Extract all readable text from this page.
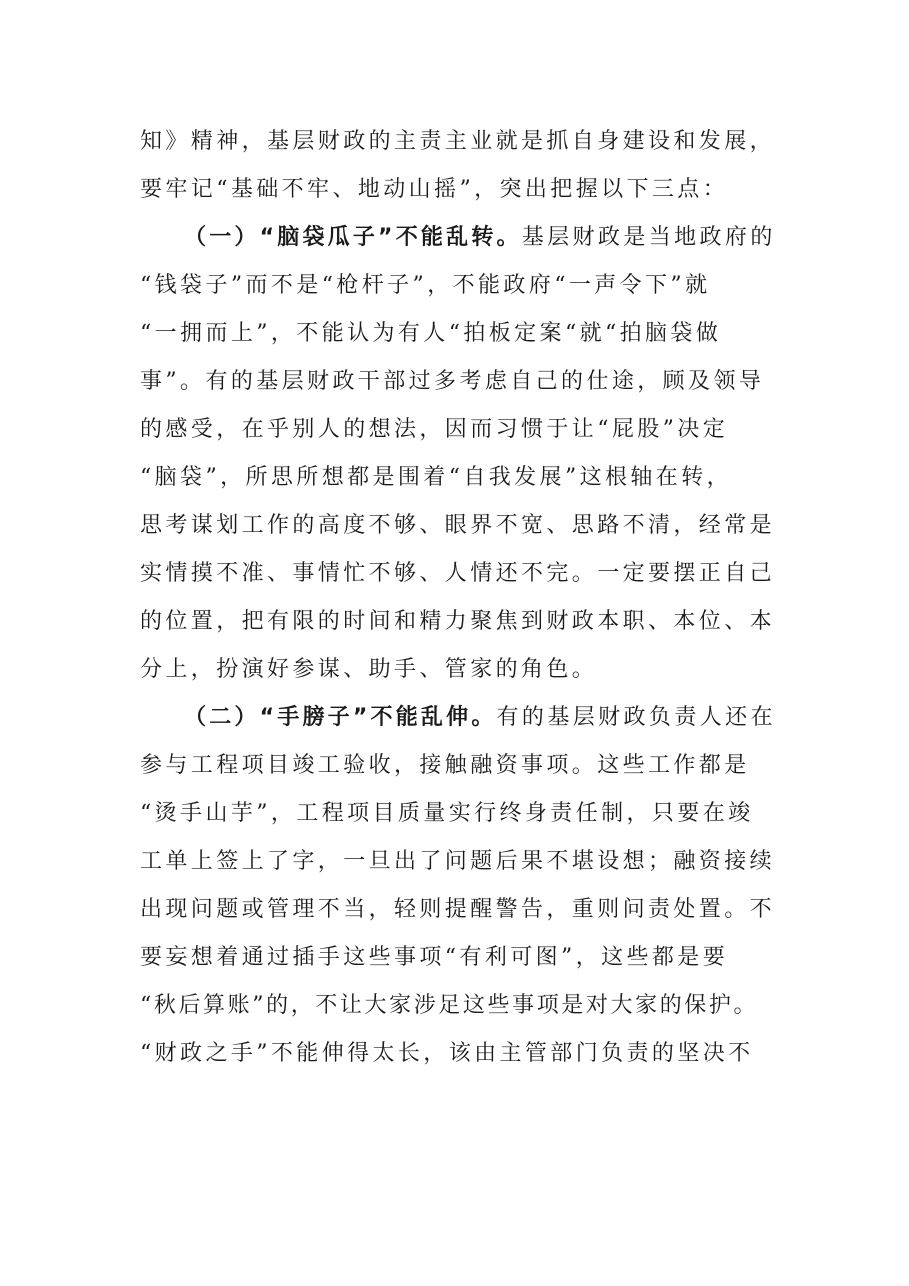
知》精神，基层财政的主责主业就是抓自身建设和发展，
要牢记“基础不牢、地动山摇”，突出把握以下三点：
（一）“脑袋瓜子”不能乱转。基层财政是当地政府的
“钱袋子”而不是“枪杆子”，不能政府“一声令下”就
“一拥而上”，不能认为有人“拍板定案“就“拍脑袋做
事”。有的基层财政干部过多考虑自己的仕途，顾及领导
的感受，在乎别人的想法，因而习惯于让“屁股”决定
“脑袋”，所思所想都是围着“自我发展”这根轴在转，
思考谋划工作的高度不够、眼界不宽、思路不清，经常是
实情摸不准、事情忙不够、人情还不完。一定要摆正自己
的位置，把有限的时间和精力聚焦到财政本职、本位、本
分上，扮演好参谋、助手、管家的角色。
（二）“手膀子”不能乱伸。有的基层财政负责人还在
参与工程项目竣工验收，接触融资事项。这些工作都是
“烫手山芋”，工程项目质量实行终身责任制，只要在竣
工单上签上了字，一旦出了问题后果不堪设想；融资接续
出现问题或管理不当，轻则提醒警告，重则问责处置。不
要妄想着通过插手这些事项“有利可图”，这些都是要
“秋后算账”的，不让大家涉足这些事项是对大家的保护。
“财政之手”不能伸得太长，该由主管部门负责的坚决不
